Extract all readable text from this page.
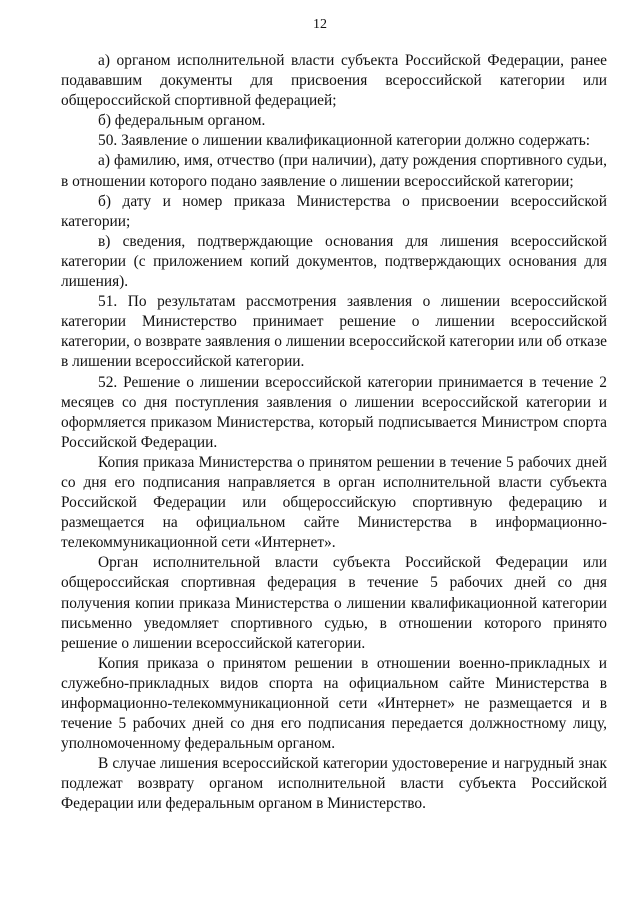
12

а) органом исполнительной власти субъекта Российской Федерации, ранее подававшим документы для присвоения всероссийской категории или общероссийской спортивной федерацией;

б) федеральным органом.

50. Заявление о лишении квалификационной категории должно содержать:

а) фамилию, имя, отчество (при наличии), дату рождения спортивного судьи, в отношении которого подано заявление о лишении всероссийской категории;

б) дату и номер приказа Министерства о присвоении всероссийской категории;

в) сведения, подтверждающие основания для лишения всероссийской категории (с приложением копий документов, подтверждающих основания для лишения).

51. По результатам рассмотрения заявления о лишении всероссийской категории Министерство принимает решение о лишении всероссийской категории, о возврате заявления о лишении всероссийской категории или об отказе в лишении всероссийской категории.

52. Решение о лишении всероссийской категории принимается в течение 2 месяцев со дня поступления заявления о лишении всероссийской категории и оформляется приказом Министерства, который подписывается Министром спорта Российской Федерации.

Копия приказа Министерства о принятом решении в течение 5 рабочих дней со дня его подписания направляется в орган исполнительной власти субъекта Российской Федерации или общероссийскую спортивную федерацию и размещается на официальном сайте Министерства в информационно-телекоммуникационной сети «Интернет».

Орган исполнительной власти субъекта Российской Федерации или общероссийская спортивная федерация в течение 5 рабочих дней со дня получения копии приказа Министерства о лишении квалификационной категории письменно уведомляет спортивного судью, в отношении которого принято решение о лишении всероссийской категории.

Копия приказа о принятом решении в отношении военно-прикладных и служебно-прикладных видов спорта на официальном сайте Министерства в информационно-телекоммуникационной сети «Интернет» не размещается и в течение 5 рабочих дней со дня его подписания передается должностному лицу, уполномоченному федеральным органом.

В случае лишения всероссийской категории удостоверение и нагрудный знак подлежат возврату органом исполнительной власти субъекта Российской Федерации или федеральным органом в Министерство.
